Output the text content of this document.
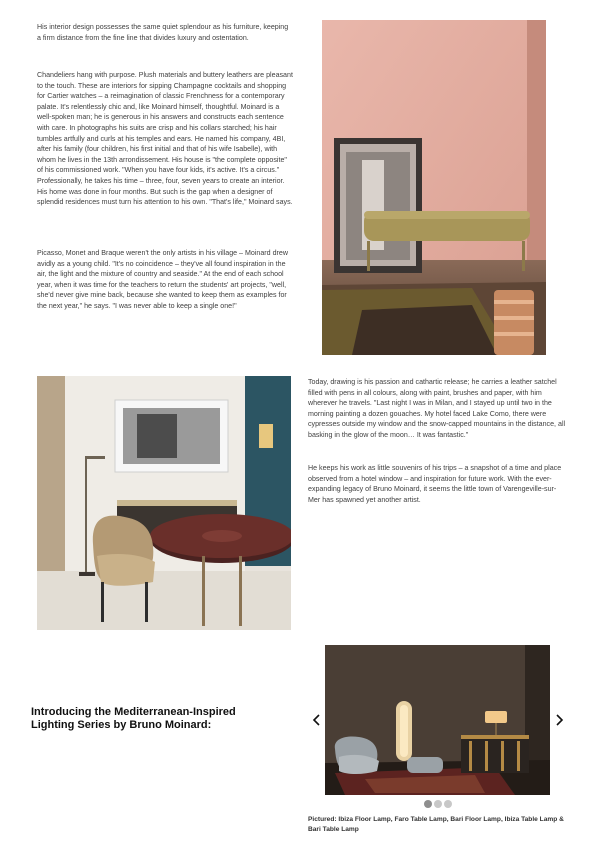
His interior design possesses the same quiet splendour as his furniture, keeping a firm distance from the fine line that divides luxury and ostentation.

Chandeliers hang with purpose. Plush materials and buttery leathers are pleasant to the touch. These are interiors for sipping Champagne cocktails and shopping for Cartier watches – a reimagination of classic Frenchness for a contemporary palate. It's relentlessly chic and, like Moinard himself, thoughtful. Moinard is a well-spoken man; he is generous in his answers and constructs each sentence with care. In photographs his suits are crisp and his collars starched; his hair tumbles artfully and curls at his temples and ears. He named his company, 4BI, after his family (four children, his first initial and that of his wife Isabelle), with whom he lives in the 13th arrondissement. His house is "the complete opposite" of his commissioned work. "When you have four kids, it's active. It's a circus." Professionally, he takes his time – three, four, seven years to create an interior. His home was done in four months. But such is the gap when a designer of splendid residences must turn his attention to his own. "That's life," Moinard says.

Picasso, Monet and Braque weren't the only artists in his village – Moinard drew avidly as a young child. "It's no coincidence – they've all found inspiration in the air, the light and the mixture of country and seaside." At the end of each school year, when it was time for the teachers to return the students' art projects, "well, she'd never give mine back, because she wanted to keep them as examples for the next year," he says. "I was never able to keep a single one!"

Today, drawing is his passion and cathartic release; he carries a leather satchel filled with pens in all colours, along with paint, brushes and paper, with him wherever he travels. "Last night I was in Milan, and I stayed up until two in the morning painting a dozen gouaches. My hotel faced Lake Como, there were cypresses outside my window and the snow-capped mountains in the distance, all basking in the glow of the moon… It was fantastic."

He keeps his work as little souvenirs of his trips – a snapshot of a time and place observed from a hotel window – and inspiration for future work. With the ever-expanding legacy of Bruno Moinard, it seems the little town of Varengeville-sur-Mer has spawned yet another artist.

Introducing the Mediterranean-Inspired Lighting Series by Bruno Moinard:

Pictured: Ibiza Floor Lamp, Faro Table Lamp, Bari Floor Lamp, Ibiza Table Lamp & Bari Table Lamp
